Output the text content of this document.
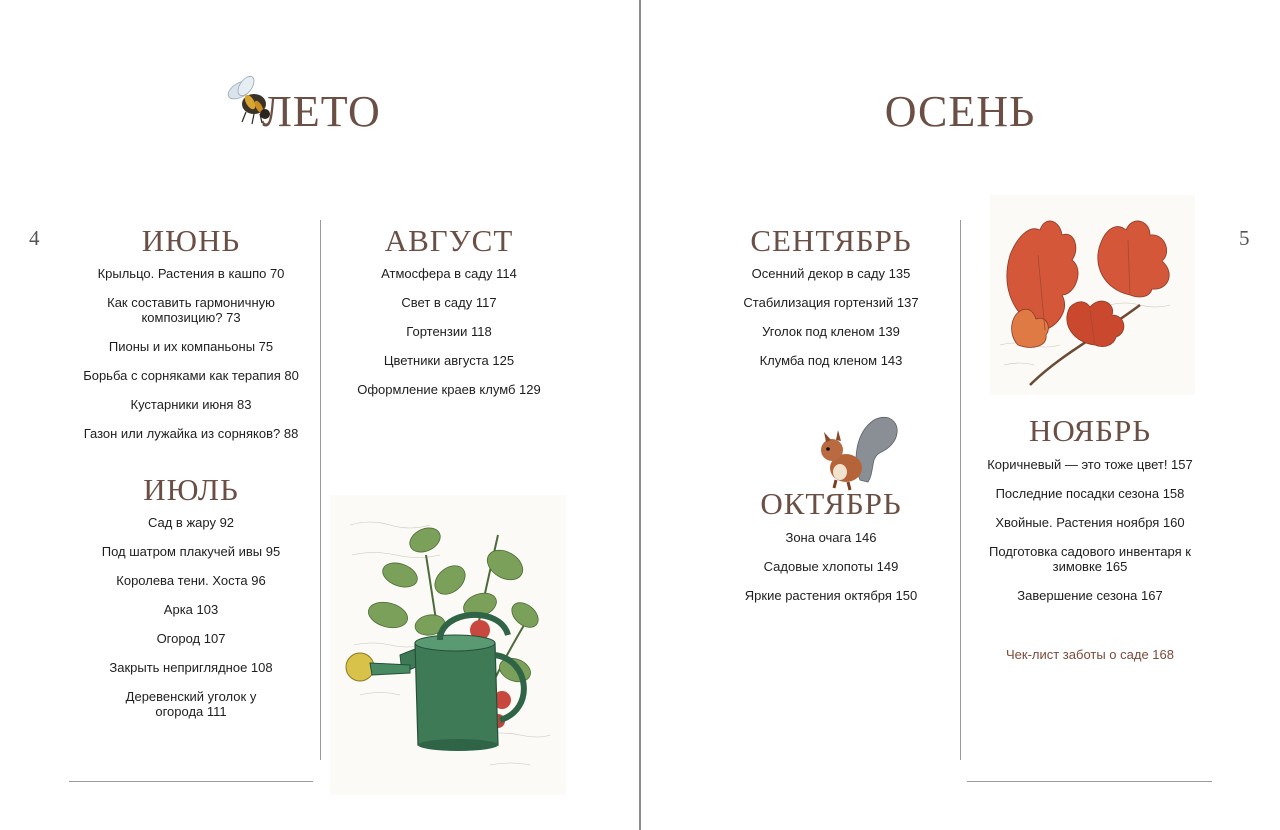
ЛЕТО
4	ИЮНЬ
Крыльцо. Растения в кашпо 70
Как составить гармоничную композицию? 73
Пионы и их компаньоны 75
Борьба с сорняками как терапия 80
Кустарники июня 83
Газон или лужайка из сорняков? 88
ИЮЛЬ
Сад в жару 92
Под шатром плакучей ивы 95
Королева тени. Хоста 96
Арка 103
Огород 107
Закрыть неприглядное 108
Деревенский уголок у огорода 111
АВГУСТ
Атмосфера в саду 114
Свет в саду 117
Гортензии 118
Цветники августа 125
Оформление краев клумб 129
ОСЕНЬ
5
СЕНТЯБРЬ
Осенний декор в саду 135
Стабилизация гортензий 137
Уголок под кленом 139
Клумба под кленом 143
ОКТЯБРЬ
Зона очага 146
Садовые хлопоты 149
Яркие растения октября 150
НОЯБРЬ
Коричневый — это тоже цвет! 157
Последние посадки сезона 158
Хвойные. Растения ноября 160
Подготовка садового инвентаря к зимовке 165
Завершение сезона 167
Чек-лист заботы о саде 168
